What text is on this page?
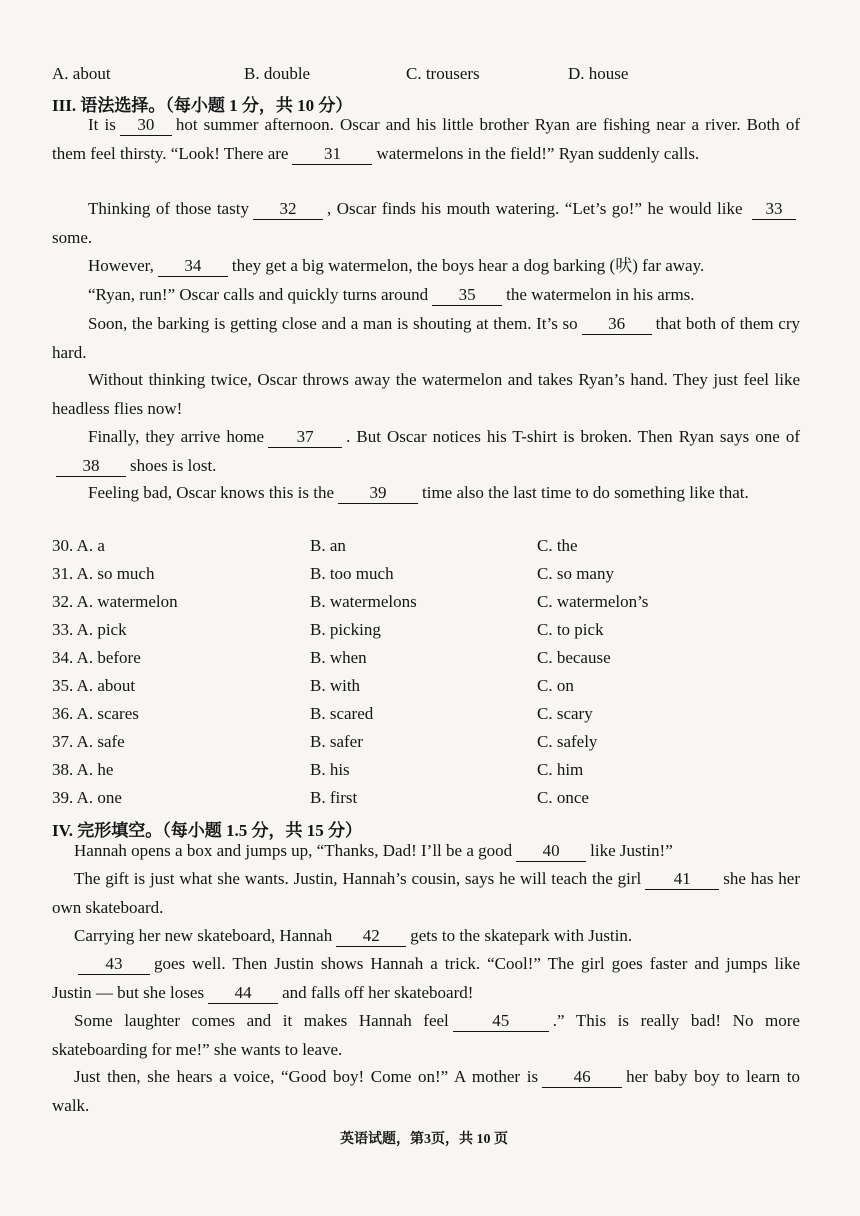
A. about	B. double	C. trousers	D. house
III. 语法选择。（每小题 1 分，共 10 分）
It is 30 hot summer afternoon. Oscar and his little brother Ryan are fishing near a river. Both of them feel thirsty. “Look! There are 31 watermelons in the field!” Ryan suddenly calls.
Thinking of those tasty 32 , Oscar finds his mouth watering. “Let’s go!” he would like 33some.
However, 34 they get a big watermelon, the boys hear a dog barking (吠) far away.
“Ryan, run!” Oscar calls and quickly turns around 35 the watermelon in his arms.
Soon, the barking is getting close and a man is shouting at them. It’s so 36 that both of them cry hard.
Without thinking twice, Oscar throws away the watermelon and takes Ryan’s hand. They just feel like headless flies now!
Finally, they arrive home 37 . But Oscar notices his T-shirt is broken. Then Ryan says one of38 shoes is lost.
Feeling bad, Oscar knows this is the 39 time also the last time to do something like that.
30. A. a	B. an	C. the
31. A. so much	B. too much	C. so many
32. A. watermelon	B. watermelons	C. watermelon’s
33. A. pick	B. picking	C. to pick
34. A. before	B. when	C. because
35. A. about	B. with	C. on
36. A. scares	B. scared	C. scary
37. A. safe	B. safer	C. safely
38. A. he	B. his	C. him
39. A. one	B. first	C. once
IV. 完形填空。（每小题 1.5 分，共 15 分）
Hannah opens a box and jumps up, “Thanks, Dad! I’ll be a good 40 like Justin!”
The gift is just what she wants. Justin, Hannah’s cousin, says he will teach the girl 41 she has her own skateboard.
Carrying her new skateboard, Hannah 42 gets to the skatepark with Justin.
43 goes well. Then Justin shows Hannah a trick. “Cool!” The girl goes faster and jumps like Justin — but she loses 44 and falls off her skateboard!
Some laughter comes and it makes Hannah feel	45	.” This is really bad! No more skateboarding for me!” she wants to leave.
Just then, she hears a voice, “Good boy! Come on!” A mother is 46 her baby boy to learn to walk.
英语试题，第3页，共 10 页
